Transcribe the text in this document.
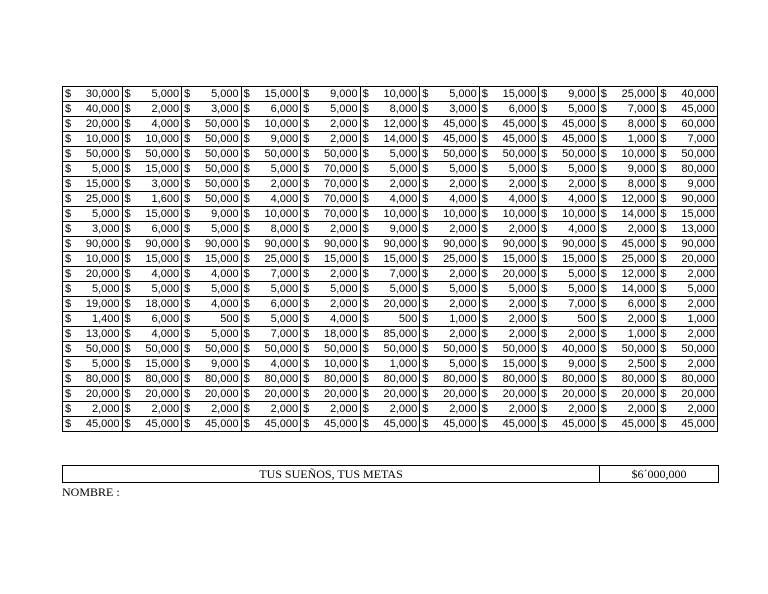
$ 30,000	$ 5,000	$ 5,000	$ 15,000	$ 9,000	$ 10,000	$ 5,000	$ 15,000	$ 9,000	$ 25,000	$ 40,000

$ 40,000	$ 2,000	$ 3,000	$ 6,000	$ 5,000	$ 8,000	$ 3,000	$ 6,000	$ 5,000	$ 7,000	$ 45,000

$ 20,000	$ 4,000	$ 50,000	$ 10,000	$ 2,000	$ 12,000	$ 45,000	$ 45,000	$ 45,000	$ 8,000	$ 60,000

$ 10,000	$ 10,000	$ 50,000	$ 9,000	$ 2,000	$ 14,000	$ 45,000	$ 45,000	$ 45,000	$ 1,000	$ 7,000

$ 50,000	$ 50,000	$ 50,000	$ 50,000	$ 50,000	$ 5,000	$ 50,000	$ 50,000	$ 50,000	$ 10,000	$ 50,000

$ 5,000	$ 15,000	$ 50,000	$ 5,000	$ 70,000	$ 5,000	$ 5,000	$ 5,000	$ 5,000	$ 9,000	$ 80,000

$ 15,000	$ 3,000	$ 50,000	$ 2,000	$ 70,000	$ 2,000	$ 2,000	$ 2,000	$ 2,000	$ 8,000	$ 9,000

$ 25,000	$ 1,600	$ 50,000	$ 4,000	$ 70,000	$ 4,000	$ 4,000	$ 4,000	$ 4,000	$ 12,000	$ 90,000

$ 5,000	$ 15,000	$ 9,000	$ 10,000	$ 70,000	$ 10,000	$ 10,000	$ 10,000	$ 10,000	$ 14,000	$ 15,000

$ 3,000	$ 6,000	$ 5,000	$ 8,000	$ 2,000	$ 9,000	$ 2,000	$ 2,000	$ 4,000	$ 2,000	$ 13,000

$ 90,000	$ 90,000	$ 90,000	$ 90,000	$ 90,000	$ 90,000	$ 90,000	$ 90,000	$ 90,000	$ 45,000	$ 90,000

$ 10,000	$ 15,000	$ 15,000	$ 25,000	$ 15,000	$ 15,000	$ 25,000	$ 15,000	$ 15,000	$ 25,000	$ 20,000

$ 20,000	$ 4,000	$ 4,000	$ 7,000	$ 2,000	$ 7,000	$ 2,000	$ 20,000	$ 5,000	$ 12,000	$ 2,000

$ 5,000	$ 5,000	$ 5,000	$ 5,000	$ 5,000	$ 5,000	$ 5,000	$ 5,000	$ 5,000	$ 14,000	$ 5,000

$ 19,000	$ 18,000	$ 4,000	$ 6,000	$ 2,000	$ 20,000	$ 2,000	$ 2,000	$ 7,000	$ 6,000	$ 2,000

$ 1,400	$ 6,000	$ 500	$ 5,000	$ 4,000	$ 500	$ 1,000	$ 2,000	$ 500	$ 2,000	$ 1,000

$ 13,000	$ 4,000	$ 5,000	$ 7,000	$ 18,000	$ 85,000	$ 2,000	$ 2,000	$ 2,000	$ 1,000	$ 2,000

$ 50,000	$ 50,000	$ 50,000	$ 50,000	$ 50,000	$ 50,000	$ 50,000	$ 50,000	$ 40,000	$ 50,000	$ 50,000

$ 5,000	$ 15,000	$ 9,000	$ 4,000	$ 10,000	$ 1,000	$ 5,000	$ 15,000	$ 9,000	$ 2,500	$ 2,000

$ 80,000	$ 80,000	$ 80,000	$ 80,000	$ 80,000	$ 80,000	$ 80,000	$ 80,000	$ 80,000	$ 80,000	$ 80,000

$ 20,000	$ 20,000	$ 20,000	$ 20,000	$ 20,000	$ 20,000	$ 20,000	$ 20,000	$ 20,000	$ 20,000	$ 20,000

$ 2,000	$ 2,000	$ 2,000	$ 2,000	$ 2,000	$ 2,000	$ 2,000	$ 2,000	$ 2,000	$ 2,000	$ 2,000

$ 45,000	$ 45,000	$ 45,000	$ 45,000	$ 45,000	$ 45,000	$ 45,000	$ 45,000	$ 45,000	$ 45,000	$ 45,000
TUS SUEÑOS, TUS METAS	$6´000,000
NOMBRE :
